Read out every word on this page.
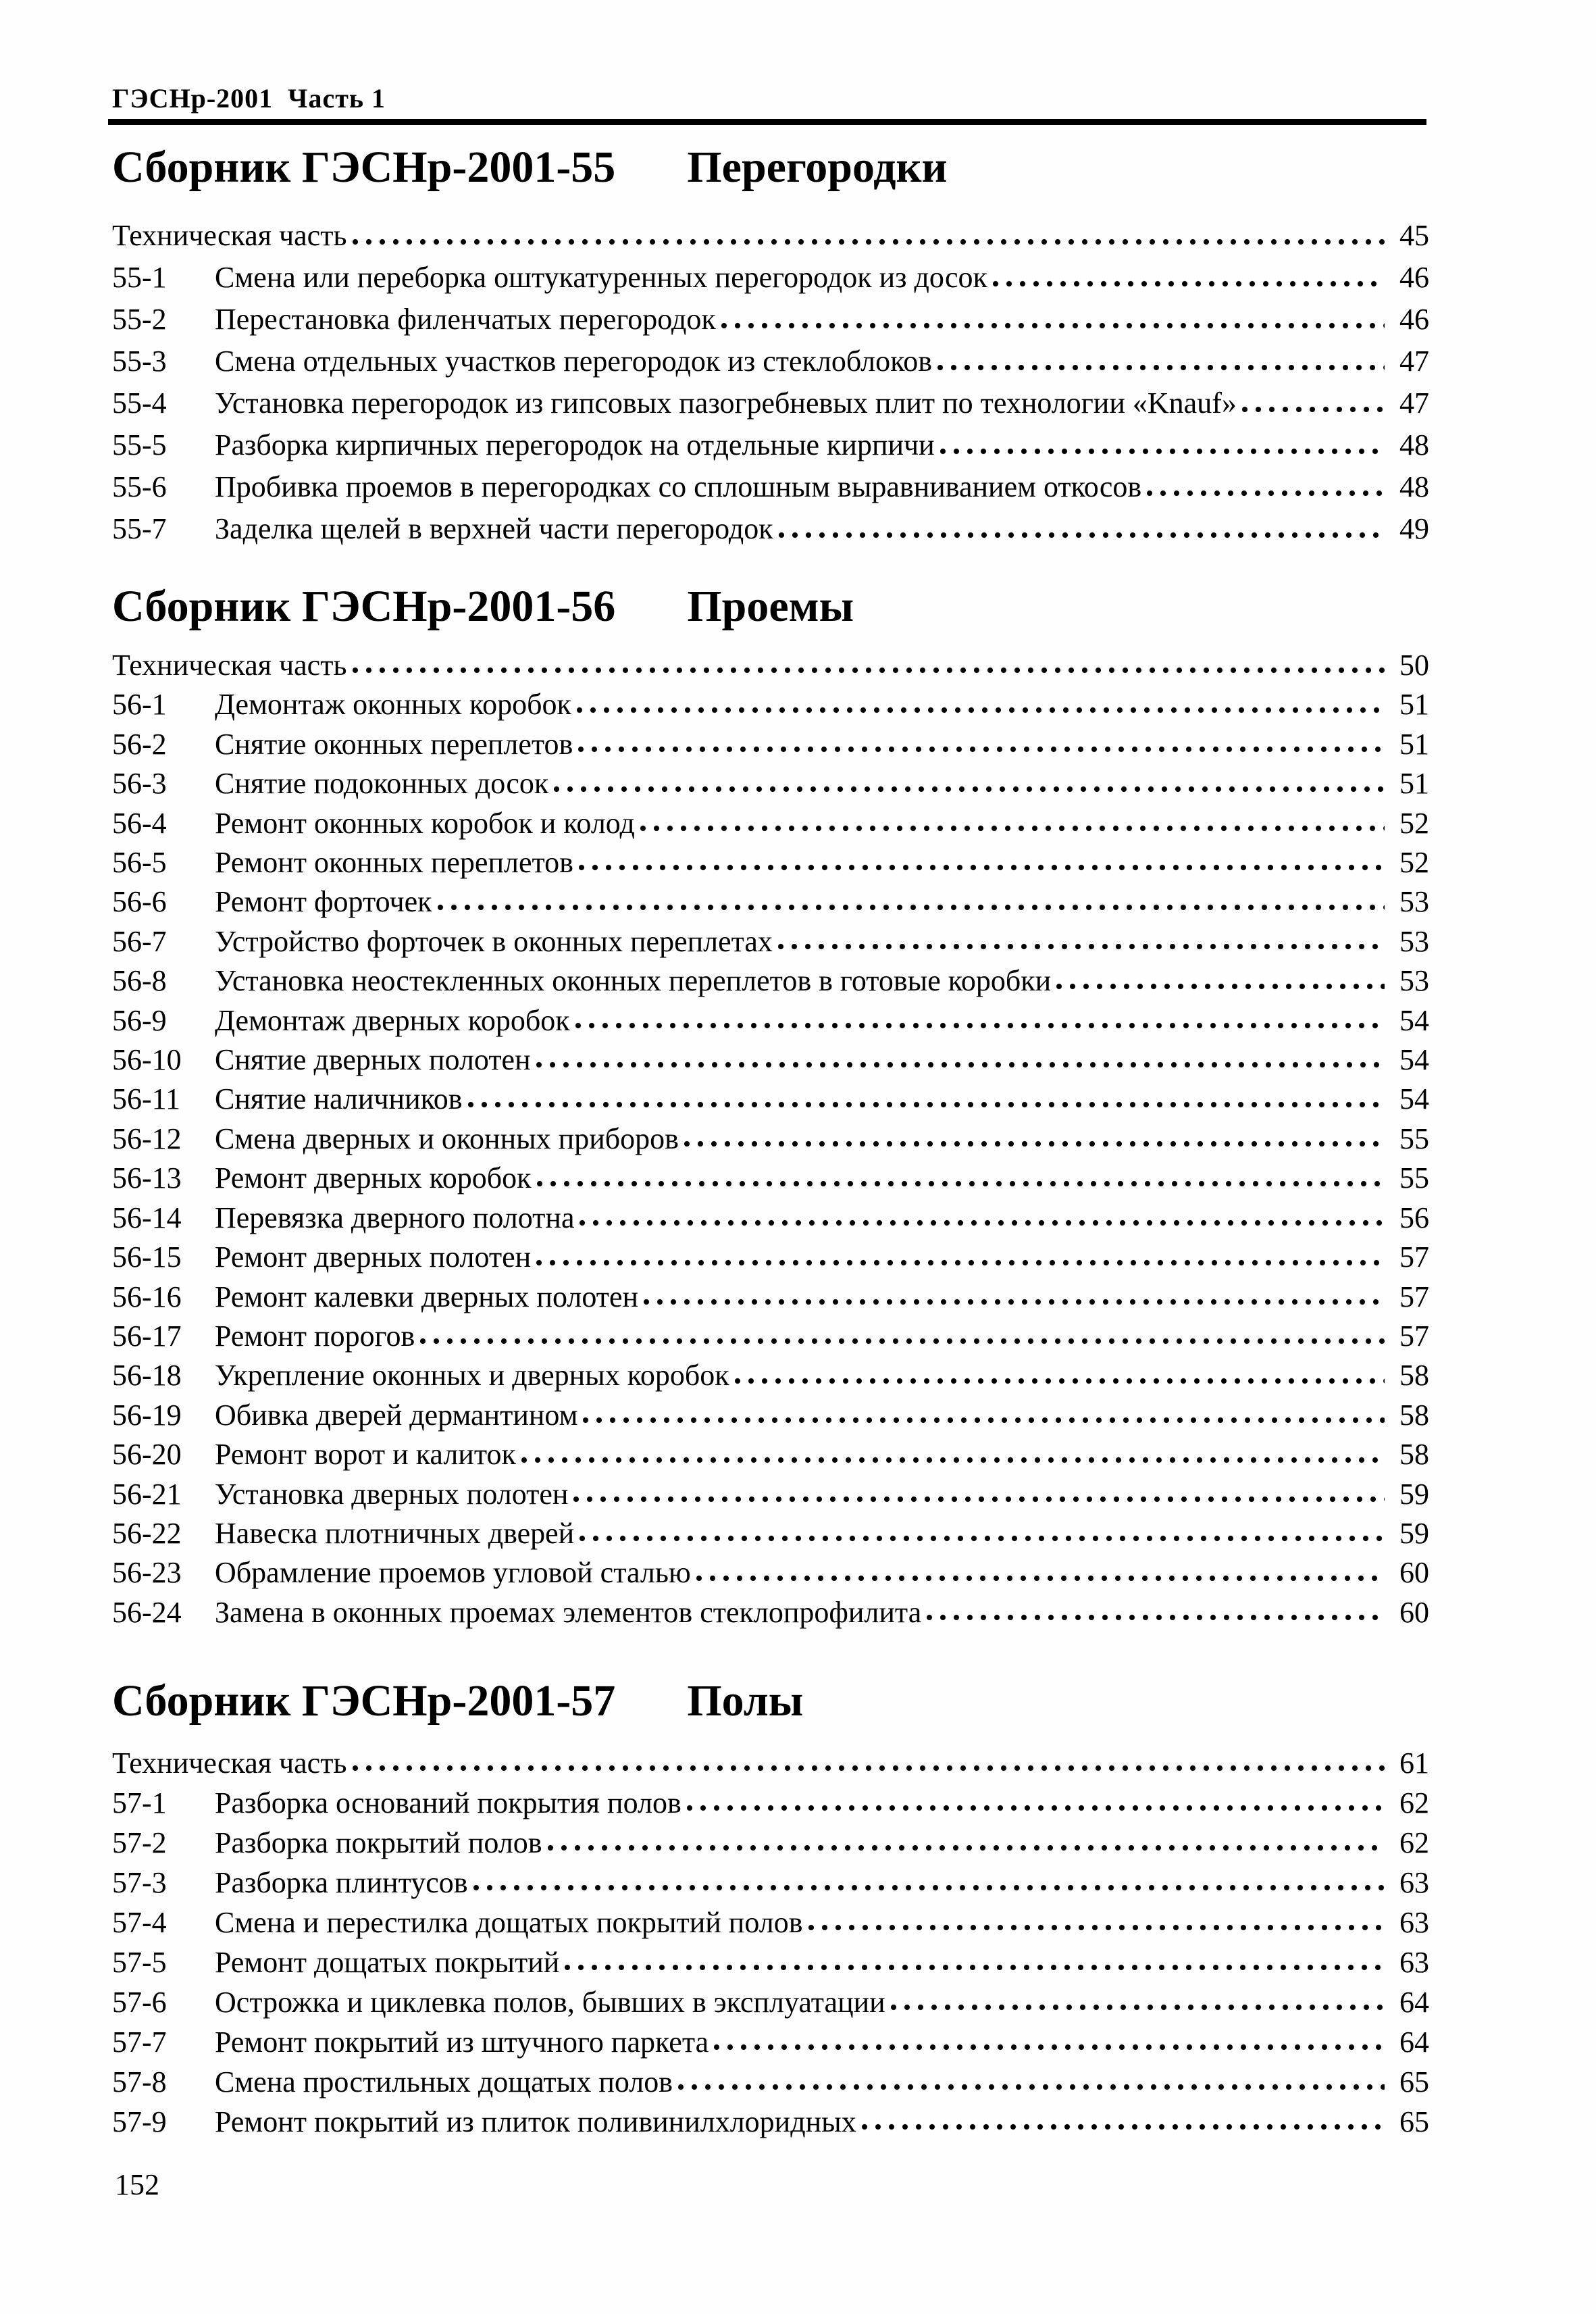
ГЭСНр-2001  Часть 1
Сборник ГЭСНр-2001-55 Перегородки
Техническая часть	45
55-1	Смена или переборка оштукатуренных перегородок из досок	46
55-2	Перестановка филенчатых перегородок	46
55-3	Смена отдельных участков перегородок из стеклоблоков	47
55-4	Установка перегородок из гипсовых пазогребневых плит по технологии «Knauf»	47
55-5	Разборка кирпичных перегородок на отдельные кирпичи	48
55-6	Пробивка проемов в перегородках со сплошным выравниванием откосов	48
55-7	Заделка щелей в верхней части перегородок	49
Сборник ГЭСНр-2001-56 Проемы
Техническая часть	50
56-1	Демонтаж оконных коробок	51
56-2	Снятие оконных переплетов	51
56-3	Снятие подоконных досок	51
56-4	Ремонт оконных коробок и колод	52
56-5	Ремонт оконных переплетов	52
56-6	Ремонт форточек	53
56-7	Устройство форточек в оконных переплетах	53
56-8	Установка неостекленных оконных переплетов в готовые коробки	53
56-9	Демонтаж дверных коробок	54
56-10	Снятие дверных полотен	54
56-11	Снятие наличников	54
56-12	Смена дверных и оконных приборов	55
56-13	Ремонт дверных коробок	55
56-14	Перевязка дверного полотна	56
56-15	Ремонт дверных полотен	57
56-16	Ремонт калевки дверных полотен	57
56-17	Ремонт порогов	57
56-18	Укрепление оконных и дверных коробок	58
56-19	Обивка дверей дермантином	58
56-20	Ремонт ворот и калиток	58
56-21	Установка дверных полотен	59
56-22	Навеска плотничных дверей	59
56-23	Обрамление проемов угловой сталью	60
56-24	Замена в оконных проемах элементов стеклопрофилита	60
Сборник ГЭСНр-2001-57 Полы
Техническая часть	61
57-1	Разборка оснований покрытия полов	62
57-2	Разборка покрытий полов	62
57-3	Разборка плинтусов	63
57-4	Смена и перестилка дощатых покрытий полов	63
57-5	Ремонт дощатых покрытий	63
57-6	Острожка и циклевка полов, бывших в эксплуатации	64
57-7	Ремонт покрытий из штучного паркета	64
57-8	Смена простильных дощатых полов	65
57-9	Ремонт покрытий из плиток поливинилхлоридных	65
152
